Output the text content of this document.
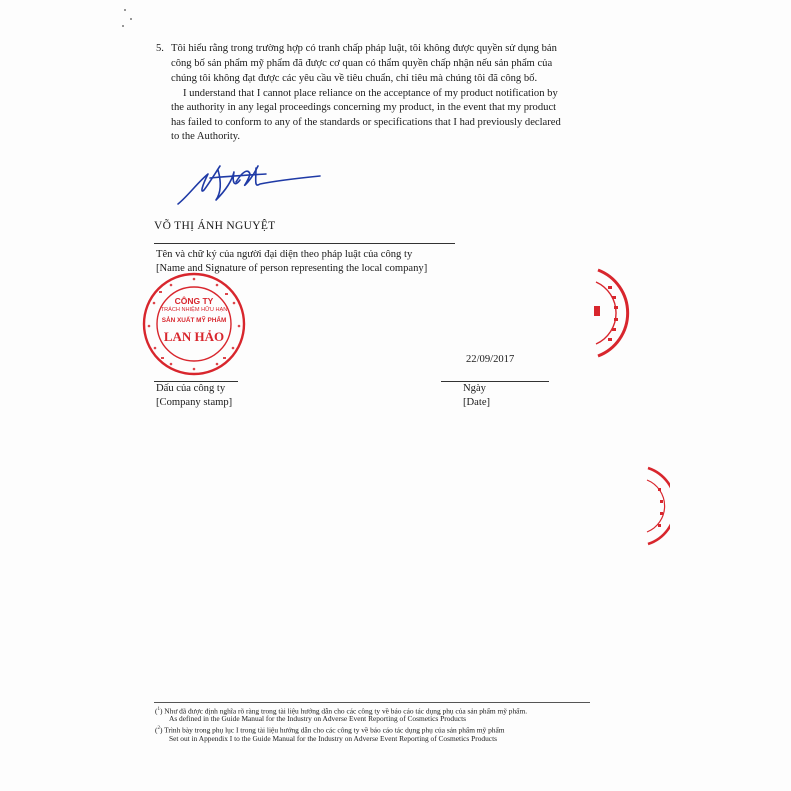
5. Tôi hiểu rằng trong trường hợp có tranh chấp pháp luật, tôi không được quyền sử dụng bản
công bố sản phẩm mỹ phẩm đã được cơ quan có thẩm quyền chấp nhận nếu sản phẩm của
chúng tôi không đạt được các yêu cầu về tiêu chuẩn, chỉ tiêu mà chúng tôi đã công bố.
I understand that I cannot place reliance on the acceptance of my product notification by
the authority in any legal proceedings concerning my product, in the event that my product
has failed to conform to any of the standards or specifications that I had previously declared
to the Authority.
VÕ THỊ ÁNH NGUYỆT
Tên và chữ ký của người đại diện theo pháp luật của công ty
[Name and Signature of person representing the local company]
CÔNG TY
TRÁCH NHIỆM HỮU HẠN
SẢN XUẤT MỸ PHẨM
LAN HẢO
22/09/2017
Dấu của công ty
[Company stamp]
Ngày
[Date]
($^1$) Như đã được định nghĩa rõ ràng trong tài liệu hướng dẫn cho các công ty về báo cáo tác dụng phụ của sản phẩm mỹ phẩm.
As defined in the Guide Manual for the Industry on Adverse Event Reporting of Cosmetics Products
($^2$) Trình bày trong phụ lục I trong tài liệu hướng dẫn cho các công ty về báo cáo tác dụng phụ của sản phẩm mỹ phẩm
Set out in Appendix I to the Guide Manual for the Industry on Adverse Event Reporting of Cosmetics Products
